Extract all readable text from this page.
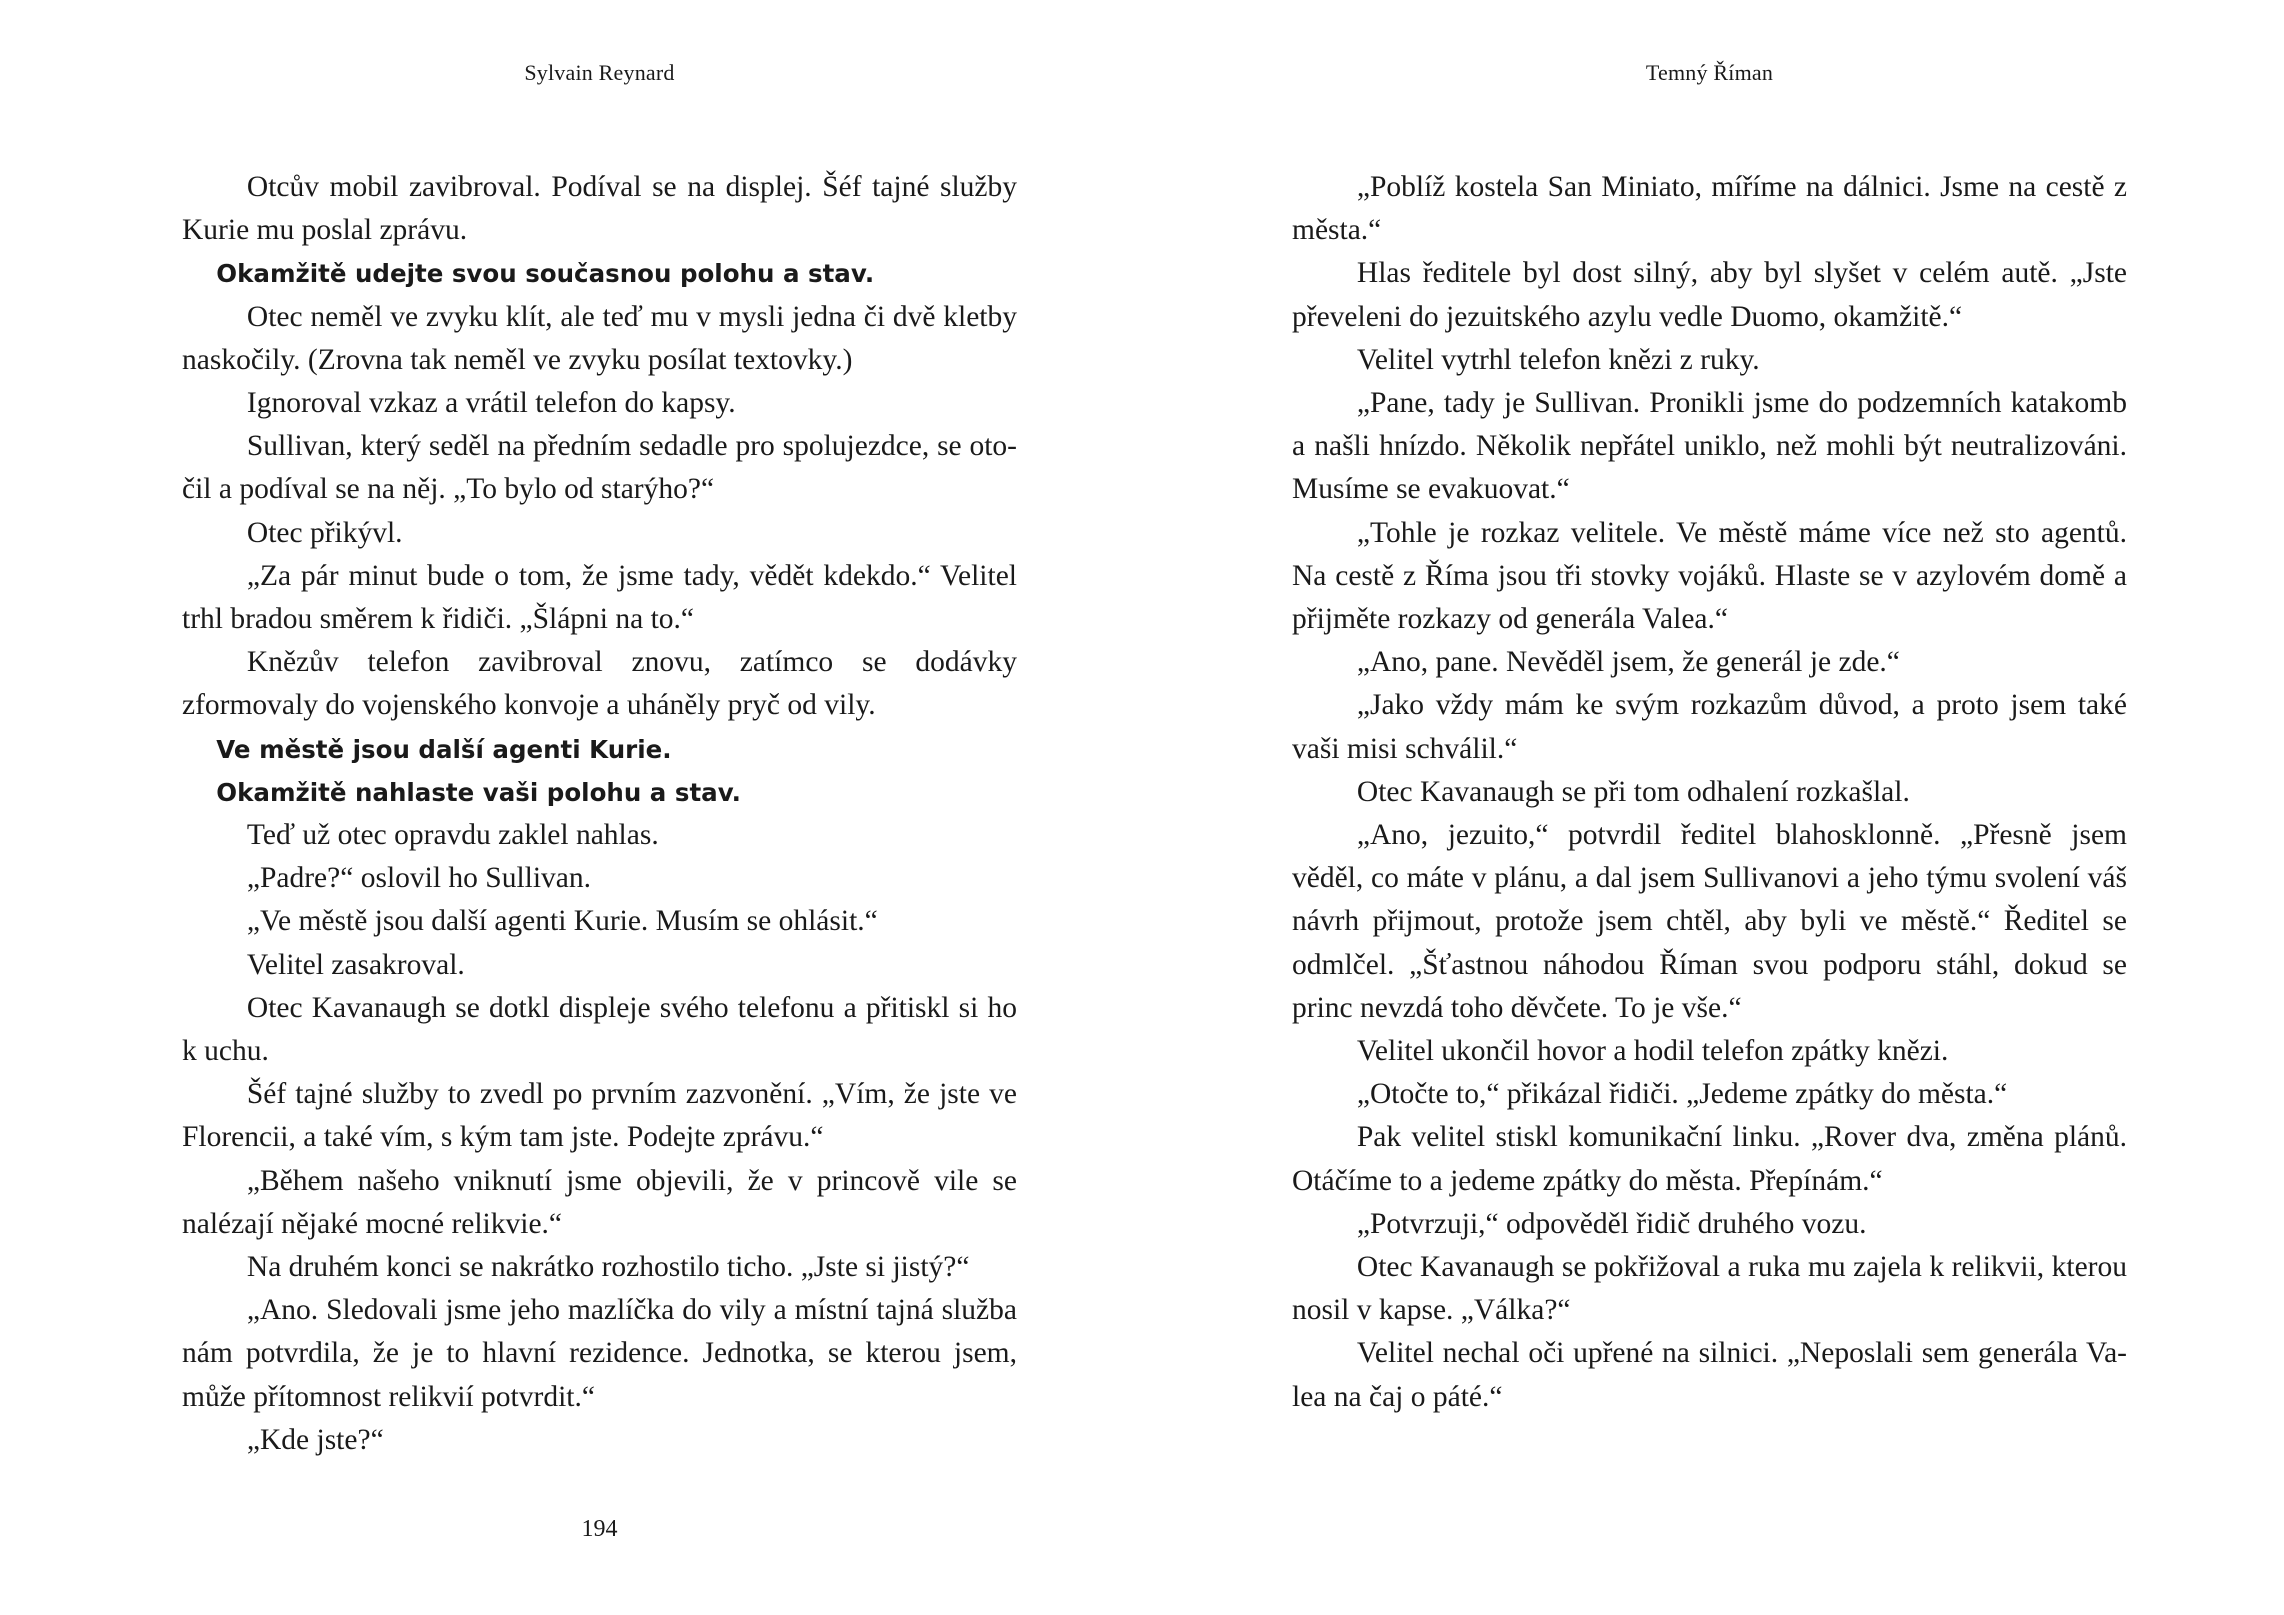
Sylvain Reynard

Otcův mobil zavibroval. Podíval se na displej. Šéf tajné služby Kurie mu poslal zprávu.

Okamžitě udejte svou současnou polohu a stav.

Otec neměl ve zvyku klít, ale teď mu v mysli jedna či dvě kletby naskočily. (Zrovna tak neměl ve zvyku posílat textovky.)

Ignoroval vzkaz a vrátil telefon do kapsy.

Sullivan, který seděl na předním sedadle pro spolujezdce, se otočil a podíval se na něj. „To bylo od starýho?“

Otec přikývl.

„Za pár minut bude o tom, že jsme tady, vědět kdekdo.“ Velitel trhl bradou směrem k řidiči. „Šlápni na to.“

Knězův telefon zavibroval znovu, zatímco se dodávky zformovaly do vojenského konvoje a uháněly pryč od vily.

Ve městě jsou další agenti Kurie.

Okamžitě nahlaste vaši polohu a stav.

Teď už otec opravdu zaklel nahlas.

„Padre?“ oslovil ho Sullivan.

„Ve městě jsou další agenti Kurie. Musím se ohlásit.“

Velitel zasakroval.

Otec Kavanaugh se dotkl displeje svého telefonu a přitiskl si ho k uchu.

Šéf tajné služby to zvedl po prvním zazvonění. „Vím, že jste ve Florencii, a také vím, s kým tam jste. Podejte zprávu.“

„Během našeho vniknutí jsme objevili, že v princově vile se nalézají nějaké mocné relikvie.“

Na druhém konci se nakrátko rozhostilo ticho. „Jste si jistý?“

„Ano. Sledovali jsme jeho mazlíčka do vily a místní tajná služba nám potvrdila, že je to hlavní rezidence. Jednotka, se kterou jsem, může přítomnost relikvií potvrdit.“

„Kde jste?“

194
Temný Říman

„Poblíž kostela San Miniato, míříme na dálnici. Jsme na cestě z města.“

Hlas ředitele byl dost silný, aby byl slyšet v celém autě. „Jste převeleni do jezuitského azylu vedle Duomo, okamžitě.“

Velitel vytrhl telefon knězi z ruky.

„Pane, tady je Sullivan. Pronikli jsme do podzemních katakomb a našli hnízdo. Několik nepřátel uniklo, než mohli být neutralizováni. Musíme se evakuovat.“

„Tohle je rozkaz velitele. Ve městě máme více než sto agentů. Na cestě z Říma jsou tři stovky vojáků. Hlaste se v azylovém domě a přijměte rozkazy od generála Valea.“

„Ano, pane. Nevěděl jsem, že generál je zde.“

„Jako vždy mám ke svým rozkazům důvod, a proto jsem také vaši misi schválil.“

Otec Kavanaugh se při tom odhalení rozkašlal.

„Ano, jezuito,“ potvrdil ředitel blahosklonně. „Přesně jsem věděl, co máte v plánu, a dal jsem Sullivanovi a jeho týmu svolení váš návrh přijmout, protože jsem chtěl, aby byli ve městě.“ Ředitel se odmlčel. „Šťastnou náhodou Říman svou podporu stáhl, dokud se princ nevzdá toho děvčete. To je vše.“

Velitel ukončil hovor a hodil telefon zpátky knězi.

„Otočte to,“ přikázal řidiči. „Jedeme zpátky do města.“

Pak velitel stiskl komunikační linku. „Rover dva, změna plánů. Otáčíme to a jedeme zpátky do města. Přepínám.“

„Potvrzuji,“ odpověděl řidič druhého vozu.

Otec Kavanaugh se pokřižoval a ruka mu zajela k relikvii, kterou nosil v kapse. „Válka?“

Velitel nechal oči upřené na silnici. „Neposlali sem generála Valea na čaj o páté.“
